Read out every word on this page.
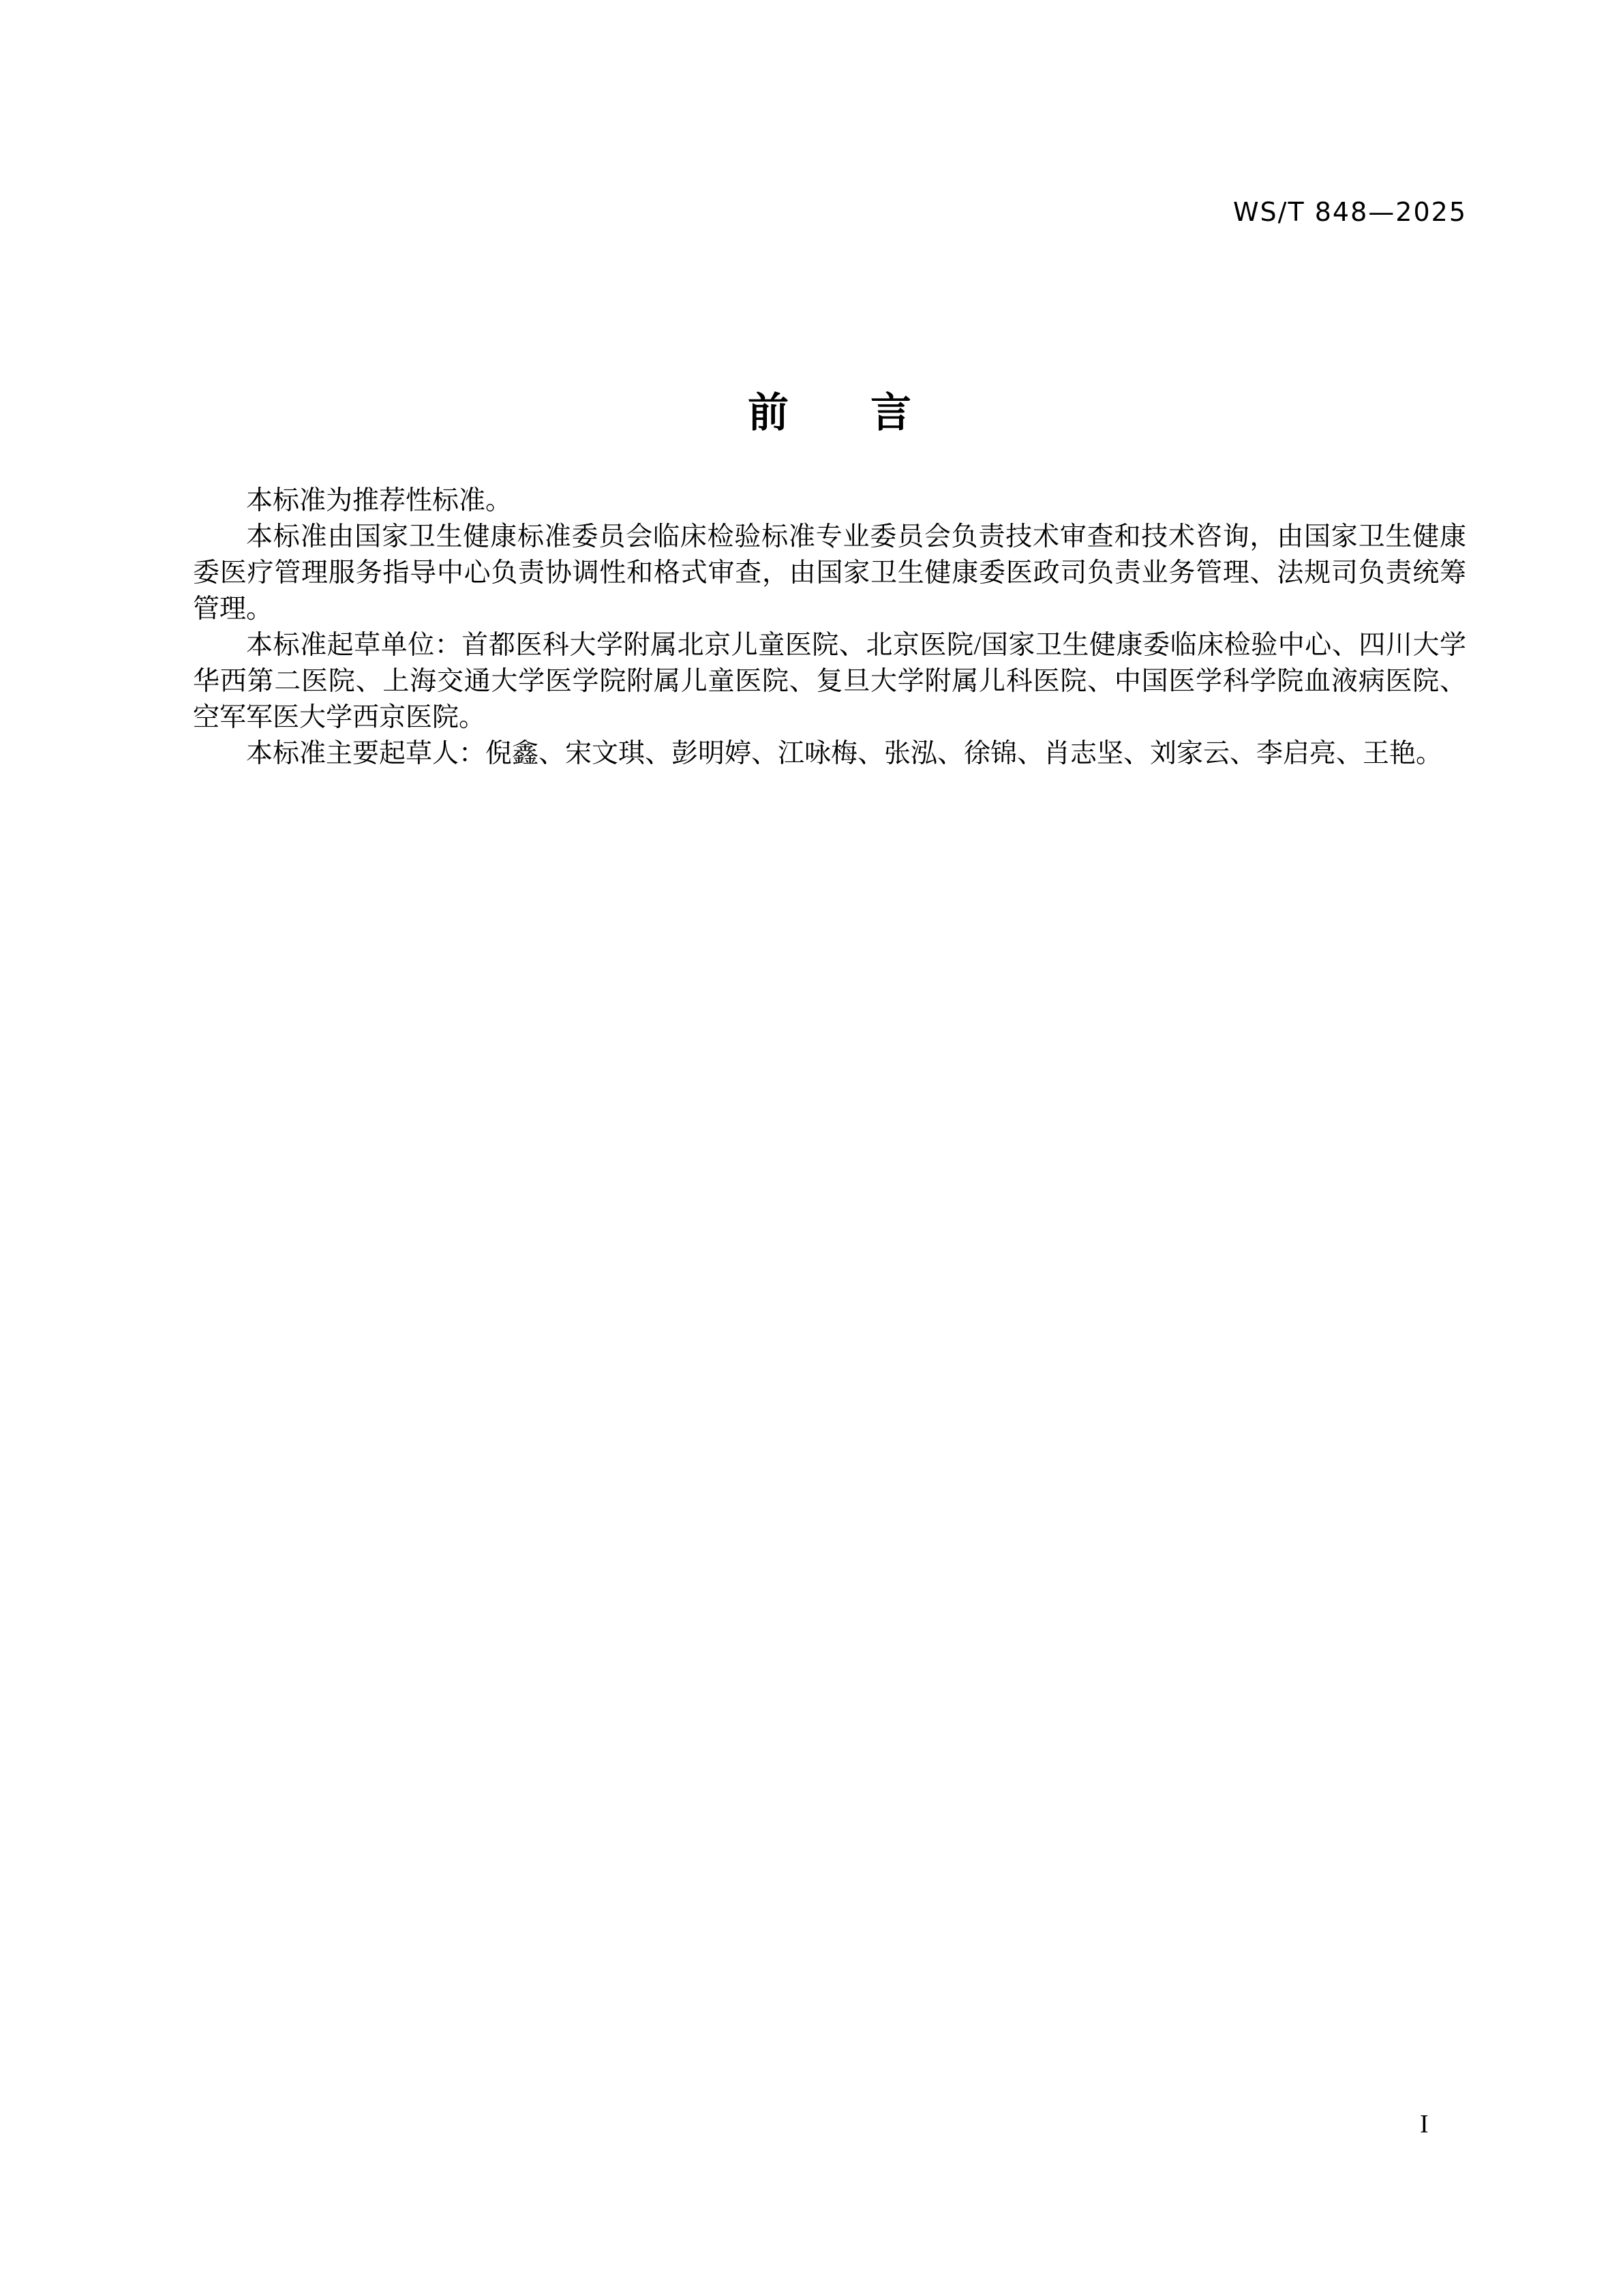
WS/T 848—2025
前　　言

本标准为推荐性标准。

本标准由国家卫生健康标准委员会临床检验标准专业委员会负责技术审查和技术咨询，由国家卫生健康委医疗管理服务指导中心负责协调性和格式审查，由国家卫生健康委医政司负责业务管理、法规司负责统筹管理。

本标准起草单位：首都医科大学附属北京儿童医院、北京医院/国家卫生健康委临床检验中心、四川大学华西第二医院、上海交通大学医学院附属儿童医院、复旦大学附属儿科医院、中国医学科学院血液病医院、空军军医大学西京医院。

本标准主要起草人：倪鑫、宋文琪、彭明婷、江咏梅、张泓、徐锦、肖志坚、刘家云、李启亮、王艳。

I
